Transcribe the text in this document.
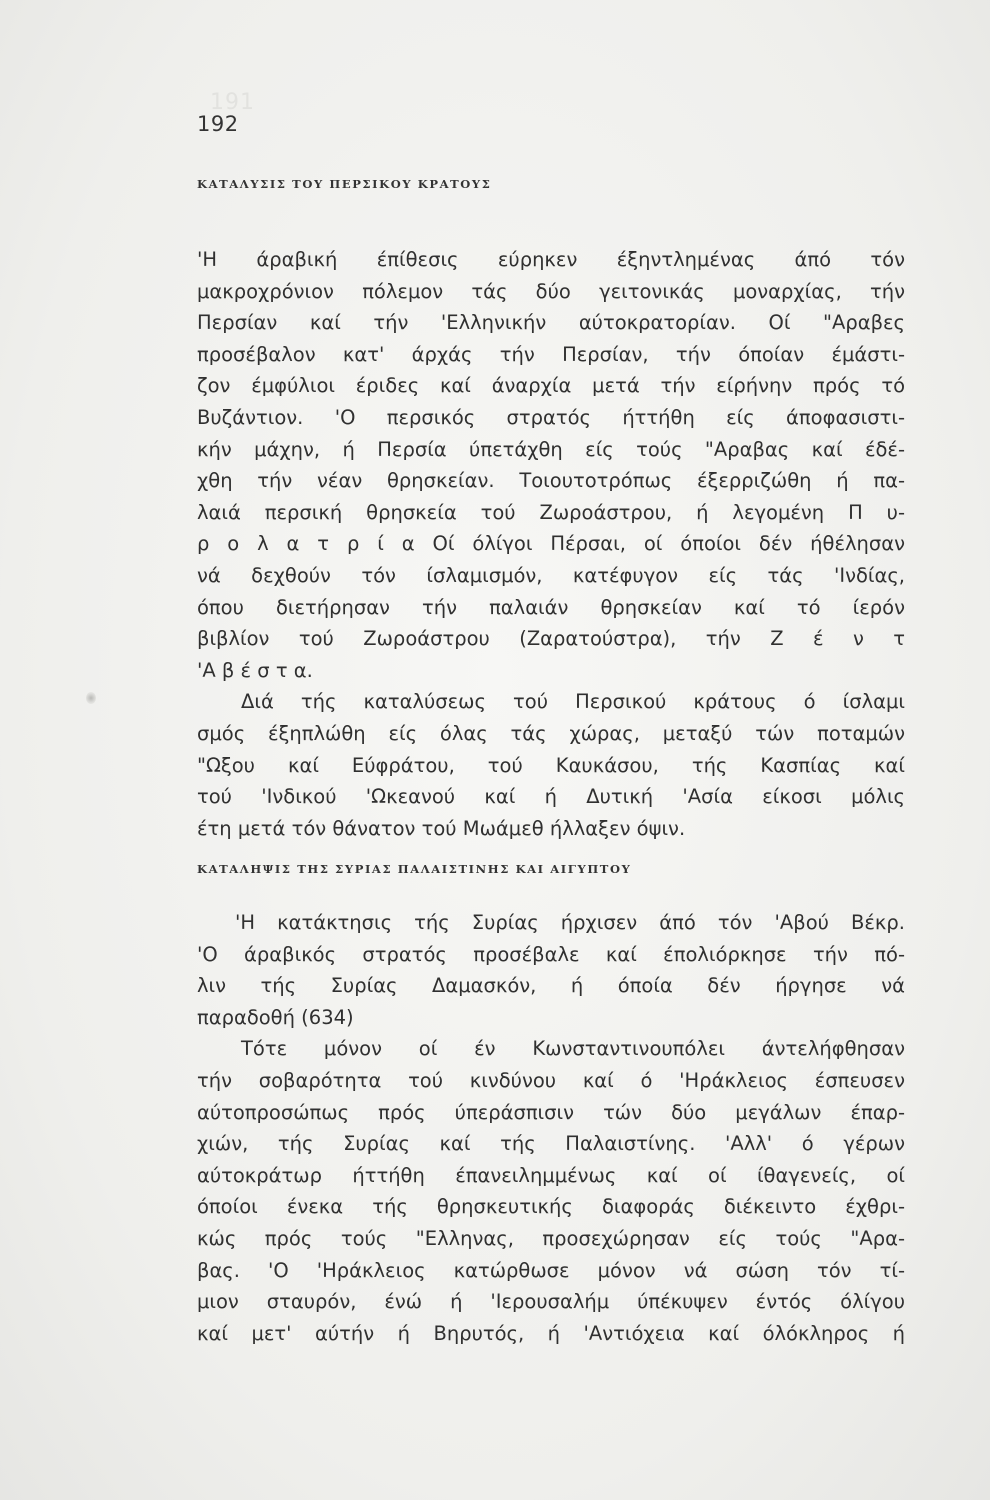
191
192
ΚΑΤΑΛΥΣΙΣ ΤΟΥ ΠΕΡΣΙΚΟΥ ΚΡΑΤΟΥΣ
'Η άραβική έπίθεσις εύρηκεν έξηντλημένας άπό τόν
μακροχρόνιον πόλεμον τάς δύο γειτονικάς μοναρχίας, τήν
Περσίαν καί τήν 'Ελληνικήν αύτοκρατορίαν. Οί "Αραβες
προσέβαλον κατ' άρχάς τήν Περσίαν, τήν όποίαν έμάστι-
ζον έμφύλιοι έριδες καί άναρχία μετά τήν είρήνην πρός τό
Βυζάντιον. 'Ο περσικός στρατός ήττήθη είς άποφασιστι-
κήν μάχην, ή Περσία ύπετάχθη είς τούς "Αραβας καί έδέ-
χθη τήν νέαν θρησκείαν. Τοιουτοτρόπως έξερριζώθη ή πα-
λαιά περσική θρησκεία τού Ζωροάστρου, ή λεγομένη Π υ-
ρ ο λ α τ ρ ί α Οί όλίγοι Πέρσαι, οί όποίοι δέν ήθέλησαν
νά δεχθούν τόν ίσλαμισμόν, κατέφυγον είς τάς 'Ινδίας,
όπου διετήρησαν τήν παλαιάν θρησκείαν καί τό ίερόν
βιβλίον τού Ζωροάστρου (Ζαρατούστρα), τήν Ζ έ ν τ
'Α β έ σ τ α.
Διά τής καταλύσεως τού Περσικού κράτους ό ίσλαμι
σμός έξηπλώθη είς όλας τάς χώρας, μεταξύ τών ποταμών
"Ωξου καί Εύφράτου, τού Καυκάσου, τής Κασπίας καί
τού 'Ινδικού 'Ωκεανού καί ή Δυτική 'Ασία είκοσι μόλις
έτη μετά τόν θάνατον τού Μωάμεθ ήλλαξεν όψιν.
ΚΑΤΑΛΗΨΙΣ ΤΗΣ ΣΥΡΙΑΣ ΠΑΛΑΙΣΤΙΝΗΣ ΚΑΙ ΑΙΓΥΠΤΟΥ
'Η κατάκτησις τής Συρίας ήρχισεν άπό τόν 'Αβού Βέκρ.
'Ο άραβικός στρατός προσέβαλε καί έπολιόρκησε τήν πό-
λιν τής Συρίας Δαμασκόν, ή όποία δέν ήργησε νά
παραδοθή (634)
Τότε μόνον οί έν Κωνσταντινουπόλει άντελήφθησαν
τήν σοβαρότητα τού κινδύνου καί ό 'Ηράκλειος έσπευσεν
αύτοπροσώπως πρός ύπεράσπισιν τών δύο μεγάλων έπαρ-
χιών, τής Συρίας καί τής Παλαιστίνης. 'Αλλ' ό γέρων
αύτοκράτωρ ήττήθη έπανειλημμένως καί οί ίθαγενείς, οί
όποίοι ένεκα τής θρησκευτικής διαφοράς διέκειντο έχθρι-
κώς πρός τούς "Ελληνας, προσεχώρησαν είς τούς "Αρα-
βας. 'Ο 'Ηράκλειος κατώρθωσε μόνον νά σώση τόν τί-
μιον σταυρόν, ένώ ή 'Ιερουσαλήμ ύπέκυψεν έντός όλίγου
καί μετ' αύτήν ή Βηρυτός, ή 'Αντιόχεια καί όλόκληρος ή
